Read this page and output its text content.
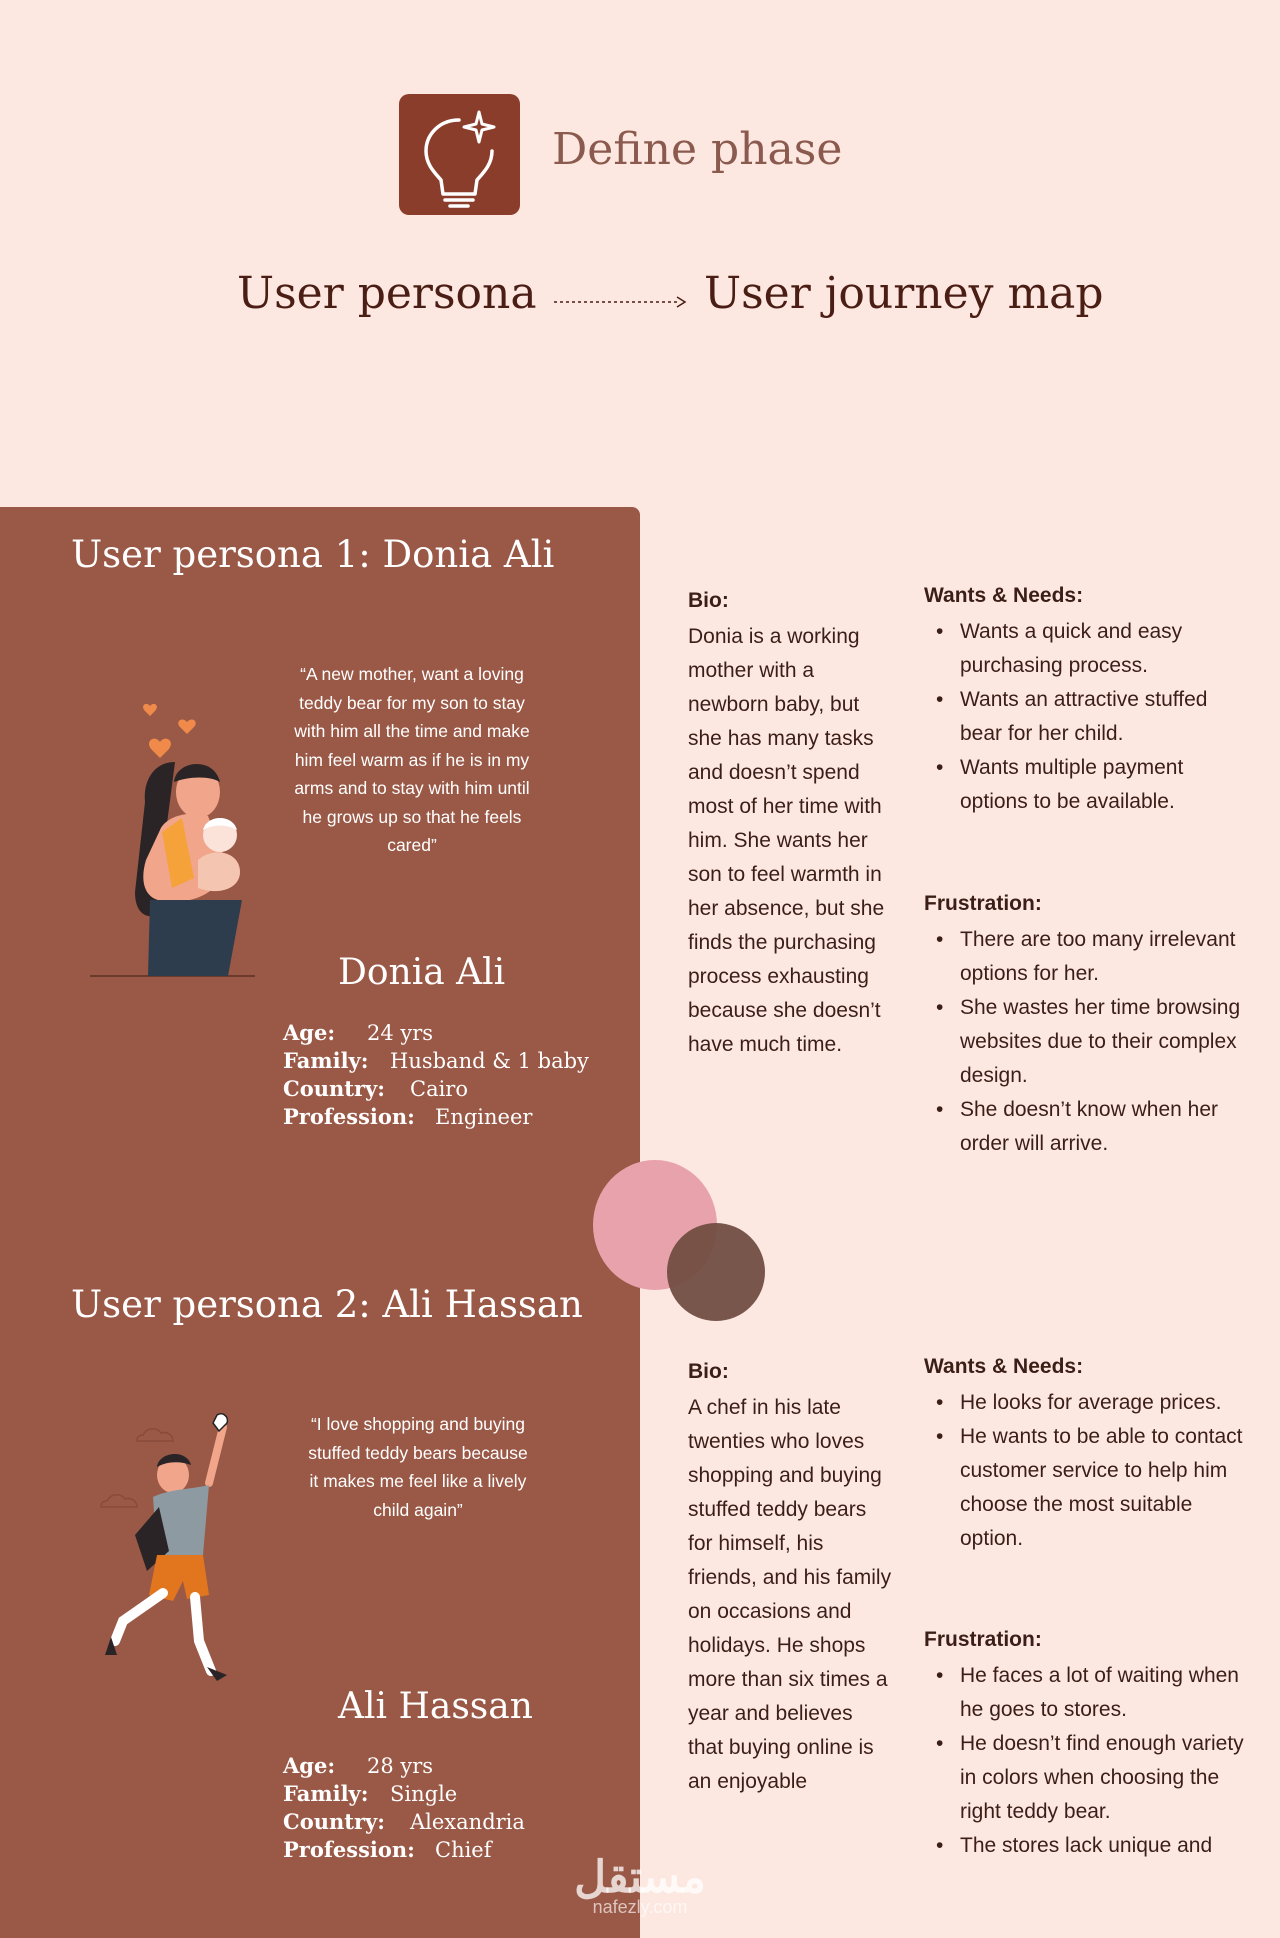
Define phase
User persona	User journey map
User persona 1: Donia Ali
“A new mother, want a loving teddy bear for my son to stay with him all the time and make him feel warm as if he is in my arms and to stay with him until he grows up so that he feels cared”
Donia Ali
Age: 24 yrs
Family: Husband & 1 baby
Country: Cairo
Profession: Engineer
Bio:
Donia is a working mother with a newborn baby, but she has many tasks and doesn’t spend most of her time with him. She wants her son to feel warmth in her absence, but she finds the purchasing process exhausting because she doesn’t have much time.
Wants & Needs:
• Wants a quick and easy purchasing process.
• Wants an attractive stuffed bear for her child.
• Wants multiple payment options to be available.
Frustration:
• There are too many irrelevant options for her.
• She wastes her time browsing websites due to their complex design.
• She doesn’t know when her order will arrive.
User persona 2: Ali Hassan
“I love shopping and buying stuffed teddy bears because it makes me feel like a lively child again”
Ali Hassan
Age: 28 yrs
Family: Single
Country: Alexandria
Profession: Chief
Bio:
A chef in his late twenties who loves shopping and buying stuffed teddy bears for himself, his friends, and his family on occasions and holidays. He shops more than six times a year and believes that buying online is an enjoyable
Wants & Needs:
• He looks for average prices.
• He wants to be able to contact customer service to help him choose the most suitable option.
Frustration:
• He faces a lot of waiting when he goes to stores.
• He doesn’t find enough variety in colors when choosing the right teddy bear.
• The stores lack unique and
مستقل
nafezly.com
